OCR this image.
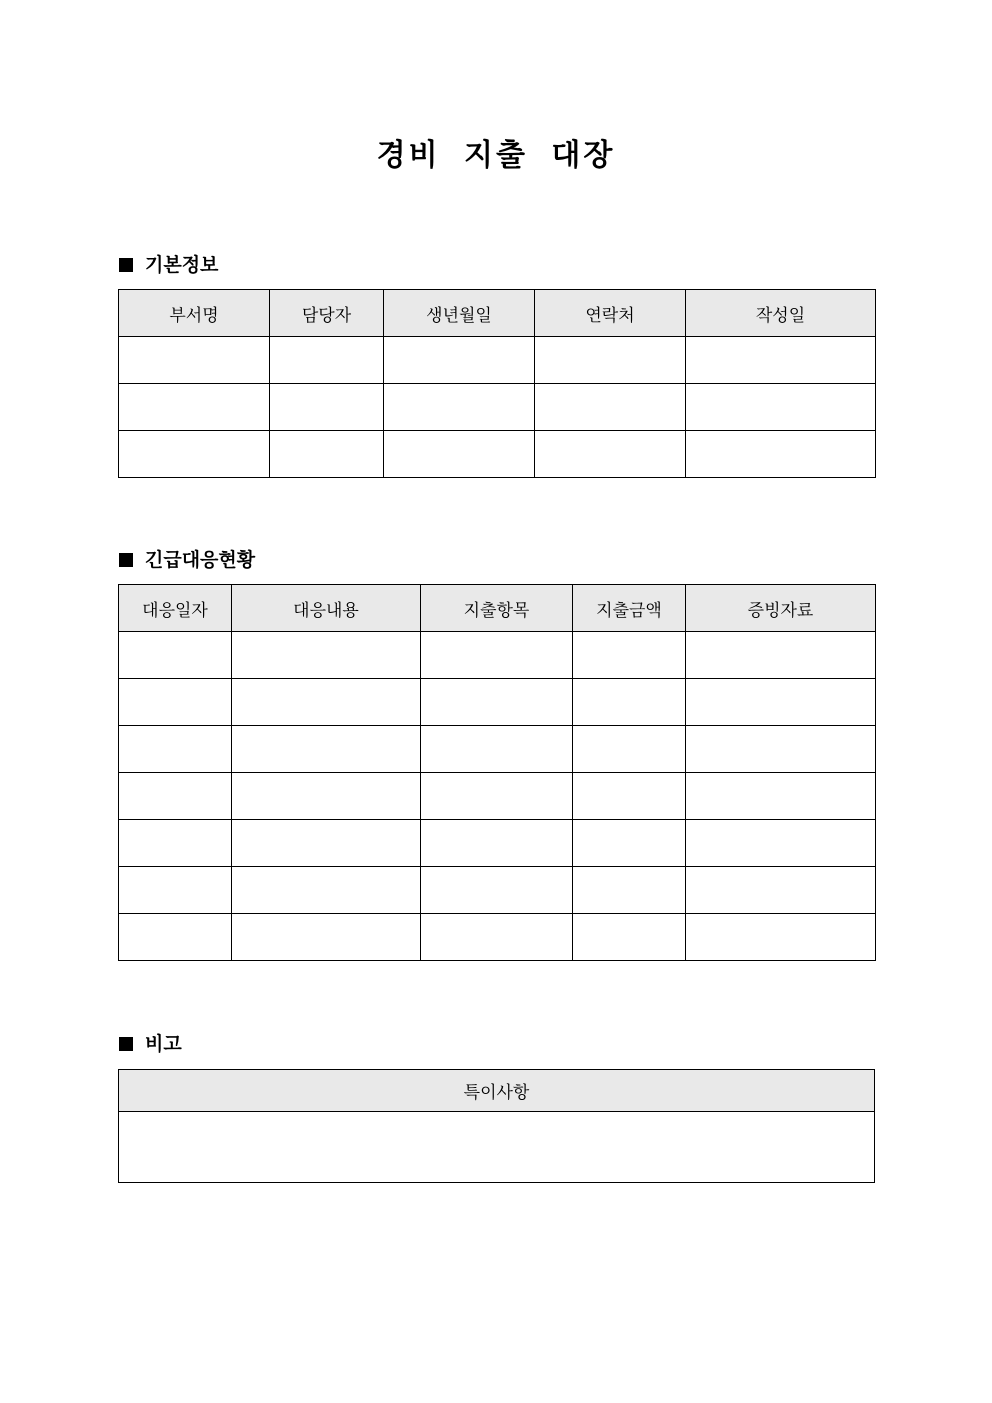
경비 지출 대장
기본정보
부서명	담당자	생년월일	연락처	작성일

긴급대응현황
대응일자	대응내용	지출항목	지출금액	증빙자료

비고
특이사항
